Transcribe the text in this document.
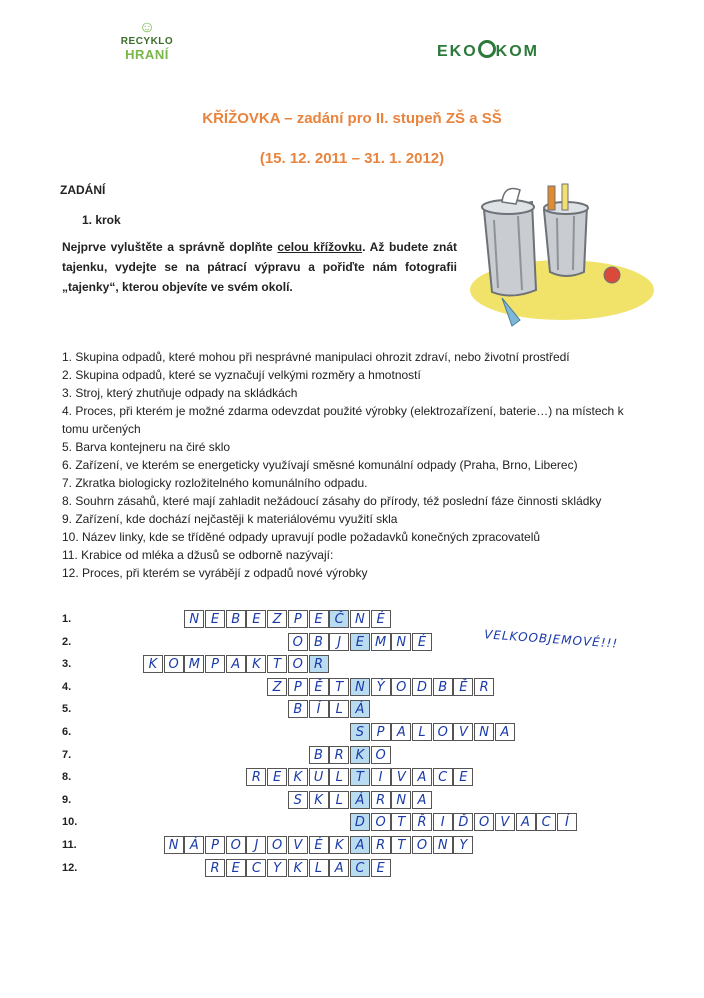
☺
RECYKLO
HRANÍ	EKO KOM
KŘÍŽOVKA – zadání pro II. stupeň ZŠ a SŠ
(15. 12. 2011 – 31. 1. 2012)
ZADÁNÍ
1. krok
Nejprve vyluštěte a správně doplňte celou křížovku. Až budete znát tajenku, vydejte se na pátrací výpravu a pořiďte nám fotografii „tajenky“, kterou objevíte ve svém okolí.
1. Skupina odpadů, které mohou při nesprávné manipulaci ohrozit zdraví, nebo životní prostředí
2. Skupina odpadů, které se vyznačují velkými rozměry a hmotností
3. Stroj, který zhutňuje odpady na skládkách
4. Proces, při kterém je možné zdarma odevzdat použité výrobky (elektrozařízení, baterie…) na místech k tomu určených
5. Barva kontejneru na čiré sklo
6. Zařízení, ve kterém se energeticky využívají směsné komunální odpady (Praha, Brno, Liberec)
7. Zkratka biologicky rozložitelného komunálního odpadu.
8. Souhrn zásahů, které mají zahladit nežádoucí zásahy do přírody, též poslední fáze činnosti skládky
9. Zařízení, kde dochází nejčastěji k materiálovému využití skla
10. Název linky, kde se tříděné odpady upravují podle požadavků konečných zpracovatelů
11. Krabice od mléka a džusů se odborně nazývají:
12. Proces, při kterém se vyrábějí z odpadů nové výrobky
1.	N E B E Z P E Č N É
2.	O B	J	E M N É
3.	K O M P A K T O R
4.	Z P Ě T N Ý O D B Ě R
5.	B	Í	L Á
6.	S P A L O V N A
7.	B R K O
8.	R E K U L	T	I	V A C E
9.	S K L Á R N A
10.	D O T Ř	I	Ď O V A C	Í
11.	N Á P O	J	O V É K A R T O N Y
12.	R E C Y K L A C E
VELKOOBJEMOVÉ!!!
